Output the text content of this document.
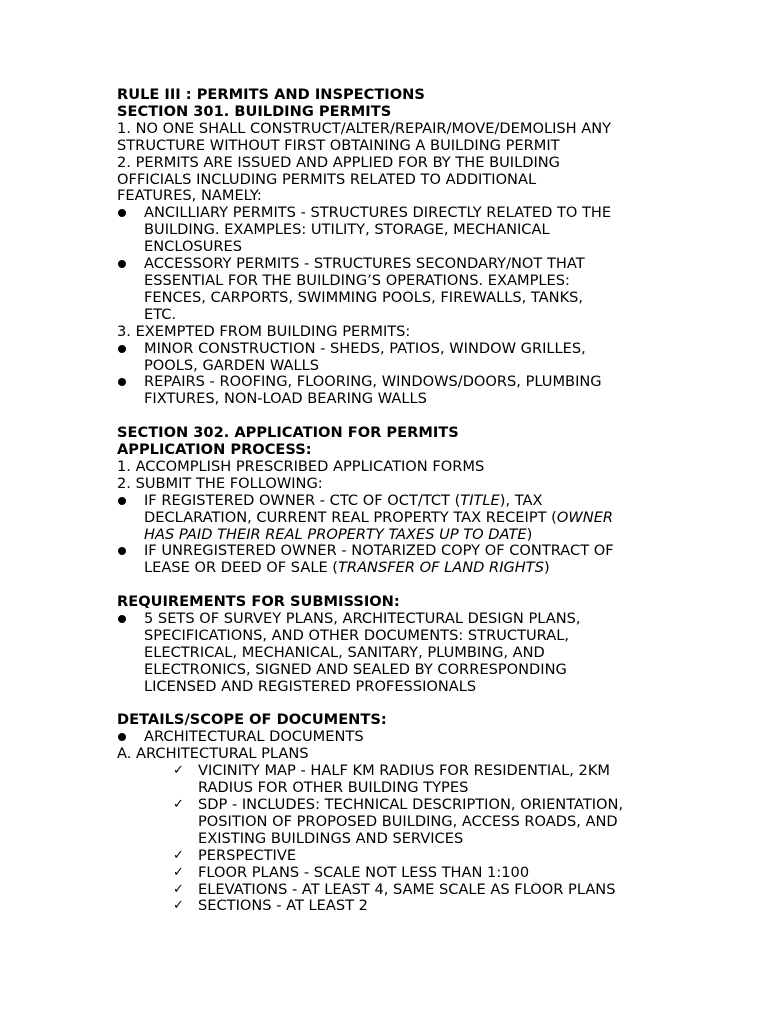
RULE III : PERMITS AND INSPECTIONS
SECTION 301. BUILDING PERMITS
1. NO ONE SHALL CONSTRUCT/ALTER/REPAIR/MOVE/DEMOLISH ANY
STRUCTURE WITHOUT FIRST OBTAINING A BUILDING PERMIT
2. PERMITS ARE ISSUED AND APPLIED FOR BY THE BUILDING
OFFICIALS INCLUDING PERMITS RELATED TO ADDITIONAL
FEATURES, NAMELY:
ANCILLIARY PERMITS - STRUCTURES DIRECTLY RELATED TO THE
BUILDING. EXAMPLES: UTILITY, STORAGE, MECHANICAL
ENCLOSURES
ACCESSORY PERMITS - STRUCTURES SECONDARY/NOT THAT
ESSENTIAL FOR THE BUILDING’S OPERATIONS. EXAMPLES:
FENCES, CARPORTS, SWIMMING POOLS, FIREWALLS, TANKS,
ETC.
3. EXEMPTED FROM BUILDING PERMITS:
MINOR CONSTRUCTION - SHEDS, PATIOS, WINDOW GRILLES,
POOLS, GARDEN WALLS
REPAIRS - ROOFING, FLOORING, WINDOWS/DOORS, PLUMBING
FIXTURES, NON-LOAD BEARING WALLS
SECTION 302. APPLICATION FOR PERMITS
APPLICATION PROCESS:
1. ACCOMPLISH PRESCRIBED APPLICATION FORMS
2. SUBMIT THE FOLLOWING:
IF REGISTERED OWNER - CTC OF OCT/TCT (TITLE), TAX
DECLARATION, CURRENT REAL PROPERTY TAX RECEIPT (OWNER
HAS PAID THEIR REAL PROPERTY TAXES UP TO DATE)
IF UNREGISTERED OWNER - NOTARIZED COPY OF CONTRACT OF
LEASE OR DEED OF SALE (TRANSFER OF LAND RIGHTS)
REQUIREMENTS FOR SUBMISSION:
5 SETS OF SURVEY PLANS, ARCHITECTURAL DESIGN PLANS,
SPECIFICATIONS, AND OTHER DOCUMENTS: STRUCTURAL,
ELECTRICAL, MECHANICAL, SANITARY, PLUMBING, AND
ELECTRONICS, SIGNED AND SEALED BY CORRESPONDING
LICENSED AND REGISTERED PROFESSIONALS
DETAILS/SCOPE OF DOCUMENTS:
ARCHITECTURAL DOCUMENTS
A. ARCHITECTURAL PLANS
✓ VICINITY MAP - HALF KM RADIUS FOR RESIDENTIAL, 2KM
RADIUS FOR OTHER BUILDING TYPES
✓ SDP - INCLUDES: TECHNICAL DESCRIPTION, ORIENTATION,
POSITION OF PROPOSED BUILDING, ACCESS ROADS, AND
EXISTING BUILDINGS AND SERVICES
✓ PERSPECTIVE
✓ FLOOR PLANS - SCALE NOT LESS THAN 1:100
✓ ELEVATIONS - AT LEAST 4, SAME SCALE AS FLOOR PLANS
✓ SECTIONS - AT LEAST 2
